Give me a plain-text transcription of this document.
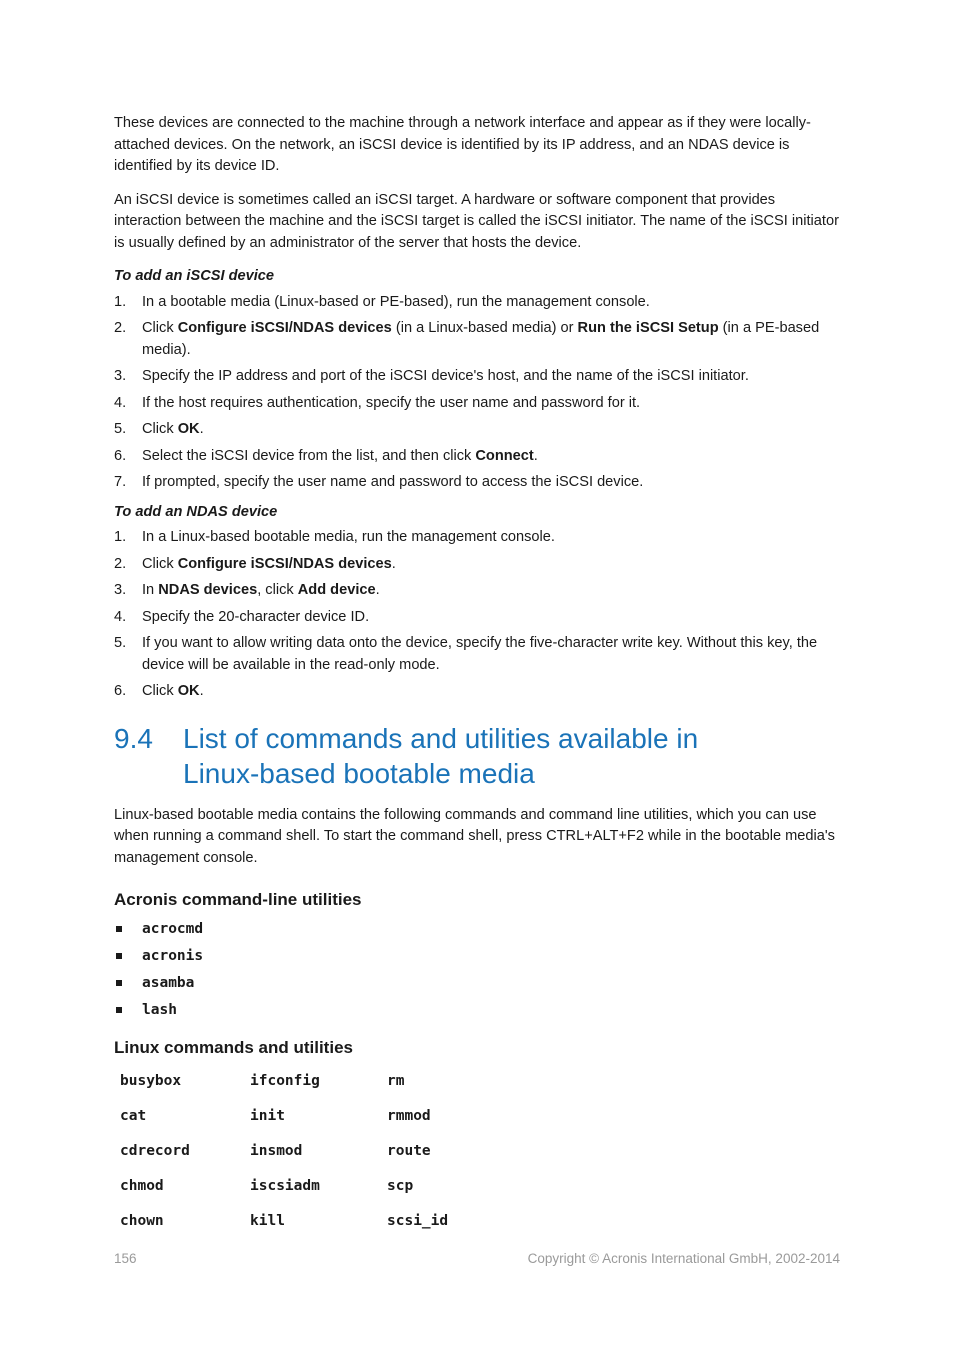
These devices are connected to the machine through a network interface and appear as if they were locally-attached devices. On the network, an iSCSI device is identified by its IP address, and an NDAS device is identified by its device ID.

An iSCSI device is sometimes called an iSCSI target. A hardware or software component that provides interaction between the machine and the iSCSI target is called the iSCSI initiator. The name of the iSCSI initiator is usually defined by an administrator of the server that hosts the device.

To add an iSCSI device
1. In a bootable media (Linux-based or PE-based), run the management console.
2. Click Configure iSCSI/NDAS devices (in a Linux-based media) or Run the iSCSI Setup (in a PE-based media).
3. Specify the IP address and port of the iSCSI device's host, and the name of the iSCSI initiator.
4. If the host requires authentication, specify the user name and password for it.
5. Click OK.
6. Select the iSCSI device from the list, and then click Connect.
7. If prompted, specify the user name and password to access the iSCSI device.
To add an NDAS device
1. In a Linux-based bootable media, run the management console.
2. Click Configure iSCSI/NDAS devices.
3. In NDAS devices, click Add device.
4. Specify the 20-character device ID.
5. If you want to allow writing data onto the device, specify the five-character write key. Without this key, the device will be available in the read-only mode.
6. Click OK.
9.4	List of commands and utilities available in
Linux-based bootable media

Linux-based bootable media contains the following commands and command line utilities, which you can use when running a command shell. To start the command shell, press CTRL+ALT+F2 while in the bootable media's management console.

Acronis command-line utilities
acrocmd
acronis
asamba
lash
Linux commands and utilities
busybox	ifconfig	rm
cat	init	rmmod
cdrecord	insmod	route
chmod	iscsiadm	scp
chown	kill	scsi_id
156	Copyright © Acronis International GmbH, 2002-2014
